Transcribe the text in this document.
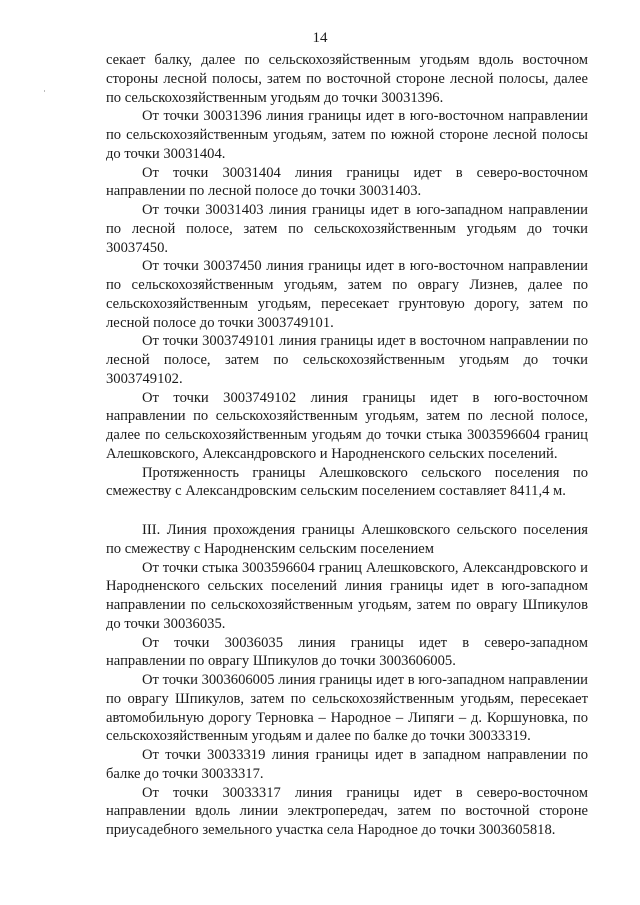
14

секает балку, далее по сельскохозяйственным угодьям вдоль восточном стороны лесной полосы, затем по восточной стороне лесной полосы, далее по сельскохозяйственным угодьям до точки 30031396.

От точки 30031396 линия границы идет в юго-восточном направлении по сельскохозяйственным угодьям, затем по южной стороне лесной полосы до точки 30031404.

От точки 30031404 линия границы идет в северо-восточном направлении по лесной полосе до точки 30031403.

От точки 30031403 линия границы идет в юго-западном направлении по лесной полосе, затем по сельскохозяйственным угодьям до точки 30037450.

От точки 30037450 линия границы идет в юго-восточном направлении по сельскохозяйственным угодьям, затем по оврагу Лизнев, далее по сельскохозяйственным угодьям, пересекает грунтовую дорогу, затем по лесной полосе до точки 3003749101.

От точки 3003749101 линия границы идет в восточном направлении по лесной полосе, затем по сельскохозяйственным угодьям до точки 3003749102.

От точки 3003749102 линия границы идет в юго-восточном направлении по сельскохозяйственным угодьям, затем по лесной полосе, далее по сельскохозяйственным угодьям до точки стыка 3003596604 границ Алешковского, Александровского и Народненского сельских поселений.

Протяженность границы Алешковского сельского поселения по смежеству с Александровским сельским поселением составляет 8411,4 м.

III. Линия прохождения границы Алешковского сельского поселения по смежеству с Народненским сельским поселением

От точки стыка 3003596604 границ Алешковского, Александровского и Народненского сельских поселений линия границы идет в юго-западном направлении по сельскохозяйственным угодьям, затем по оврагу Шпикулов до точки 30036035.

От точки 30036035 линия границы идет в северо-западном направлении по оврагу Шпикулов до точки 3003606005.

От точки 3003606005 линия границы идет в юго-западном направлении по оврагу Шпикулов, затем по сельскохозяйственным угодьям, пересекает автомобильную дорогу Терновка – Народное – Липяги – д. Коршуновка, по сельскохозяйственным угодьям и далее по балке до точки 30033319.

От точки 30033319 линия границы идет в западном направлении по балке до точки 30033317.

От точки 30033317 линия границы идет в северо-восточном направлении вдоль линии электропередач, затем по восточной стороне приусадебного земельного участка села Народное до точки 3003605818.
